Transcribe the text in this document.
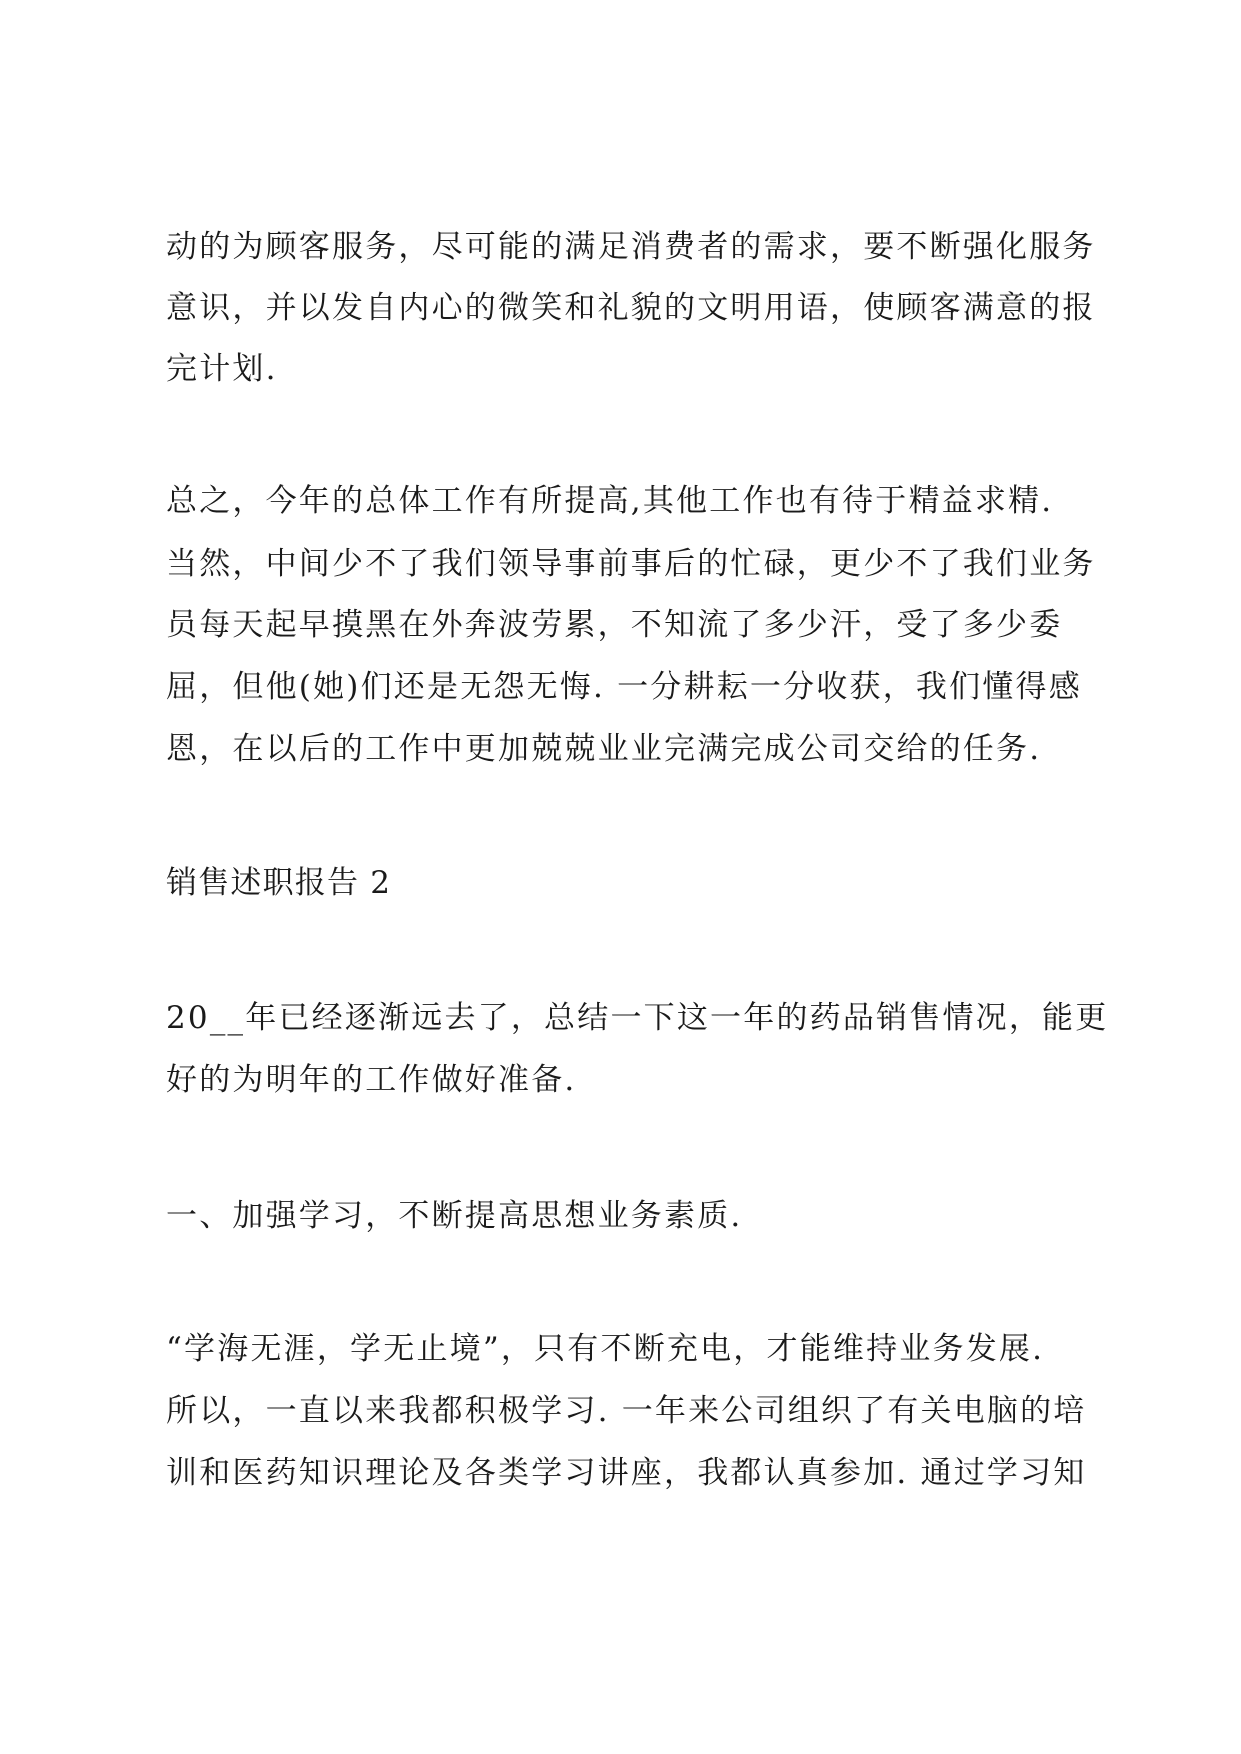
动的为顾客服务，尽可能的满足消费者的需求，要不断强化服务
意识，并以发自内心的微笑和礼貌的文明用语，使顾客满意的报
完计划.
总之，今年的总体工作有所提高,其他工作也有待于精益求精.
当然，中间少不了我们领导事前事后的忙碌，更少不了我们业务
员每天起早摸黑在外奔波劳累，不知流了多少汗，受了多少委
屈，但他(她)们还是无怨无悔. 一分耕耘一分收获，我们懂得感
恩，在以后的工作中更加兢兢业业完满完成公司交给的任务.
销售述职报告 2
20__年已经逐渐远去了，总结一下这一年的药品销售情况，能更
好的为明年的工作做好准备.
一、加强学习，不断提高思想业务素质.
“学海无涯，学无止境”，只有不断充电，才能维持业务发展.
所以，一直以来我都积极学习. 一年来公司组织了有关电脑的培
训和医药知识理论及各类学习讲座，我都认真参加. 通过学习知
